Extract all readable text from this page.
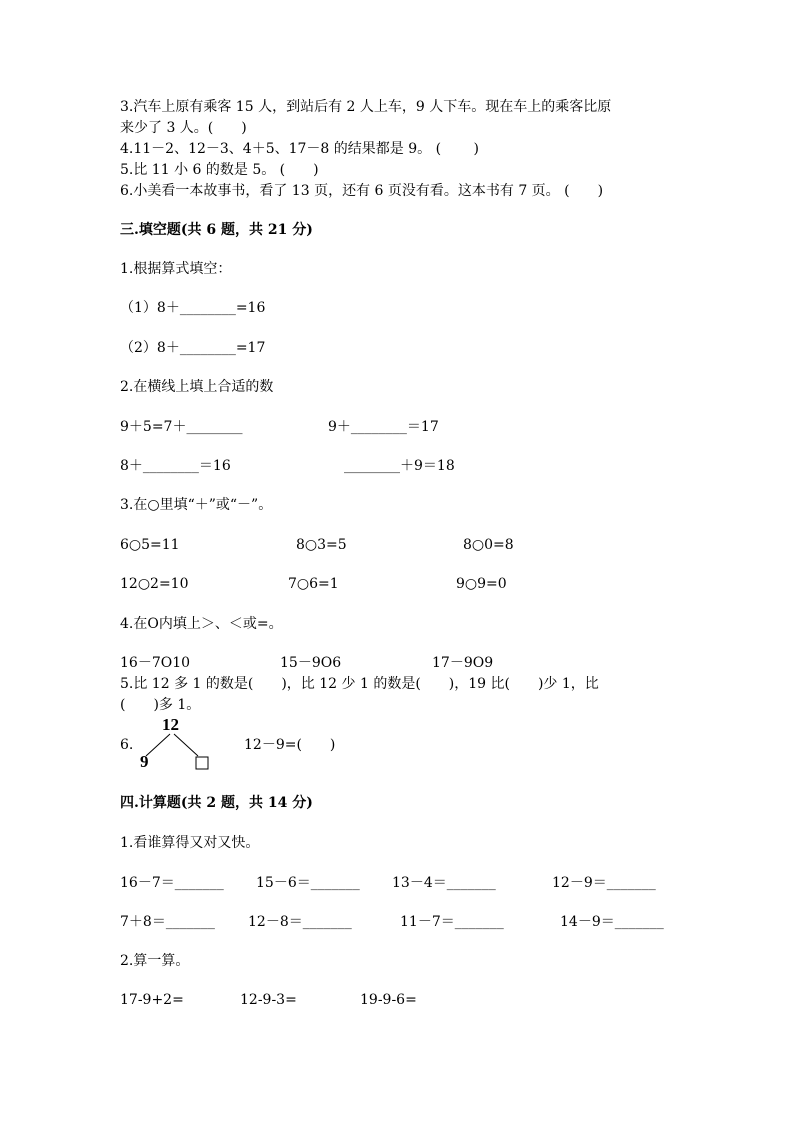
3.汽车上原有乘客 15 人，到站后有 2 人上车，9 人下车。现在车上的乘客比原
来少了 3 人。(　　)
4.11－2、12－3、4＋5、17－8 的结果都是 9。 (　　 )
5.比 11 小 6 的数是 5。 (　　)
6.小美看一本故事书，看了 13 页，还有 6 页没有看。这本书有 7 页。 (　　)
三.填空题(共 6 题，共 21 分)
1.根据算式填空：
（1）8＋________=16
（2）8＋________=17
2.在横线上填上合适的数
9＋5=7＋________	9＋________＝17
8＋________＝16	________＋9＝18
3.在○里填“＋”或“－”。
6○5=11	8○3=5	8○0=8
12○2=10	7○6=1	9○9=0
4.在O内填上＞、＜或=。
16－7O10	15－9O6	17－9O9
5.比 12 多 1 的数是(　　)，比 12 少 1 的数是(　　)，19 比(　　)少 1，比
(　　)多 1。
6.
12
9
12－9=(　　)
四.计算题(共 2 题，共 14 分)
1.看谁算得又对又快。
16－7＝_______ 15－6＝_______ 13－4＝_______	12－9＝_______
7＋8＝_______ 12－8＝_______	11－7＝_______	14－9＝_______
2.算一算。
17-9+2=	12-9-3=	19-9-6=
